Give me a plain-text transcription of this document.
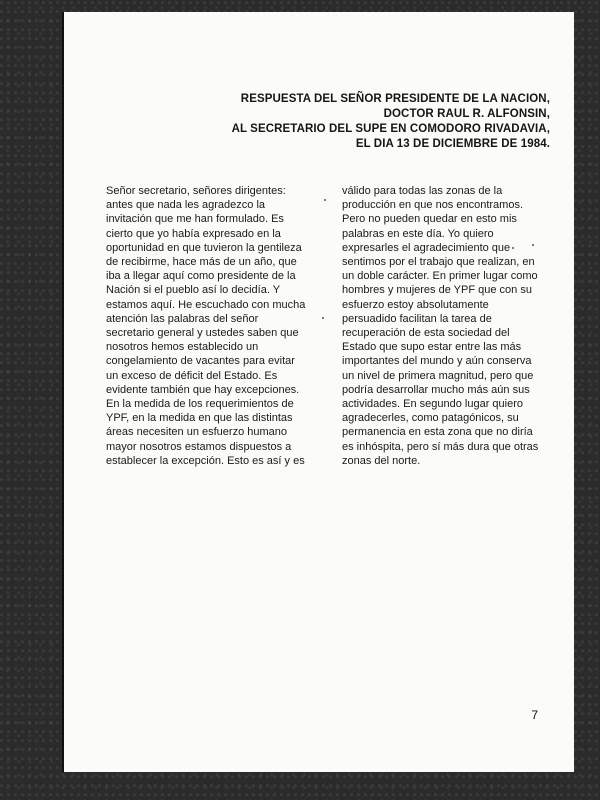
RESPUESTA DEL SEÑOR PRESIDENTE DE LA NACION,
DOCTOR RAUL R. ALFONSIN,
AL SECRETARIO DEL SUPE EN COMODORO RIVADAVIA,
EL DIA 13 DE DICIEMBRE DE 1984.
Señor secretario, señores dirigentes:
antes que nada les agradezco la
invitación que me han formulado. Es
cierto que yo había expresado en la
oportunidad en que tuvieron la gentileza
de recibirme, hace más de un año, que
iba a llegar aquí como presidente de la
Nación si el pueblo así lo decidía. Y
estamos aquí. He escuchado con mucha
atención las palabras del señor
secretario general y ustedes saben que
nosotros hemos establecido un
congelamiento de vacantes para evitar
un exceso de déficit del Estado. Es
evidente también que hay excepciones.
En la medida de los requerimientos de
YPF, en la medida en que las distintas
áreas necesiten un esfuerzo humano
mayor nosotros estamos dispuestos a
establecer la excepción. Esto es así y es
válido para todas las zonas de la
producción en que nos encontramos.
Pero no pueden quedar en esto mis
palabras en este día. Yo quiero
expresarles el agradecimiento que
sentimos por el trabajo que realizan, en
un doble carácter. En primer lugar como
hombres y mujeres de YPF que con su
esfuerzo estoy absolutamente
persuadido facilitan la tarea de
recuperación de esta sociedad del
Estado que supo estar entre las más
importantes del mundo y aún conserva
un nivel de primera magnitud, pero que
podría desarrollar mucho más aún sus
actividades. En segundo lugar quiero
agradecerles, como patagónicos, su
permanencia en esta zona que no diría
es inhóspita, pero sí más dura que otras
zonas del norte.
7
